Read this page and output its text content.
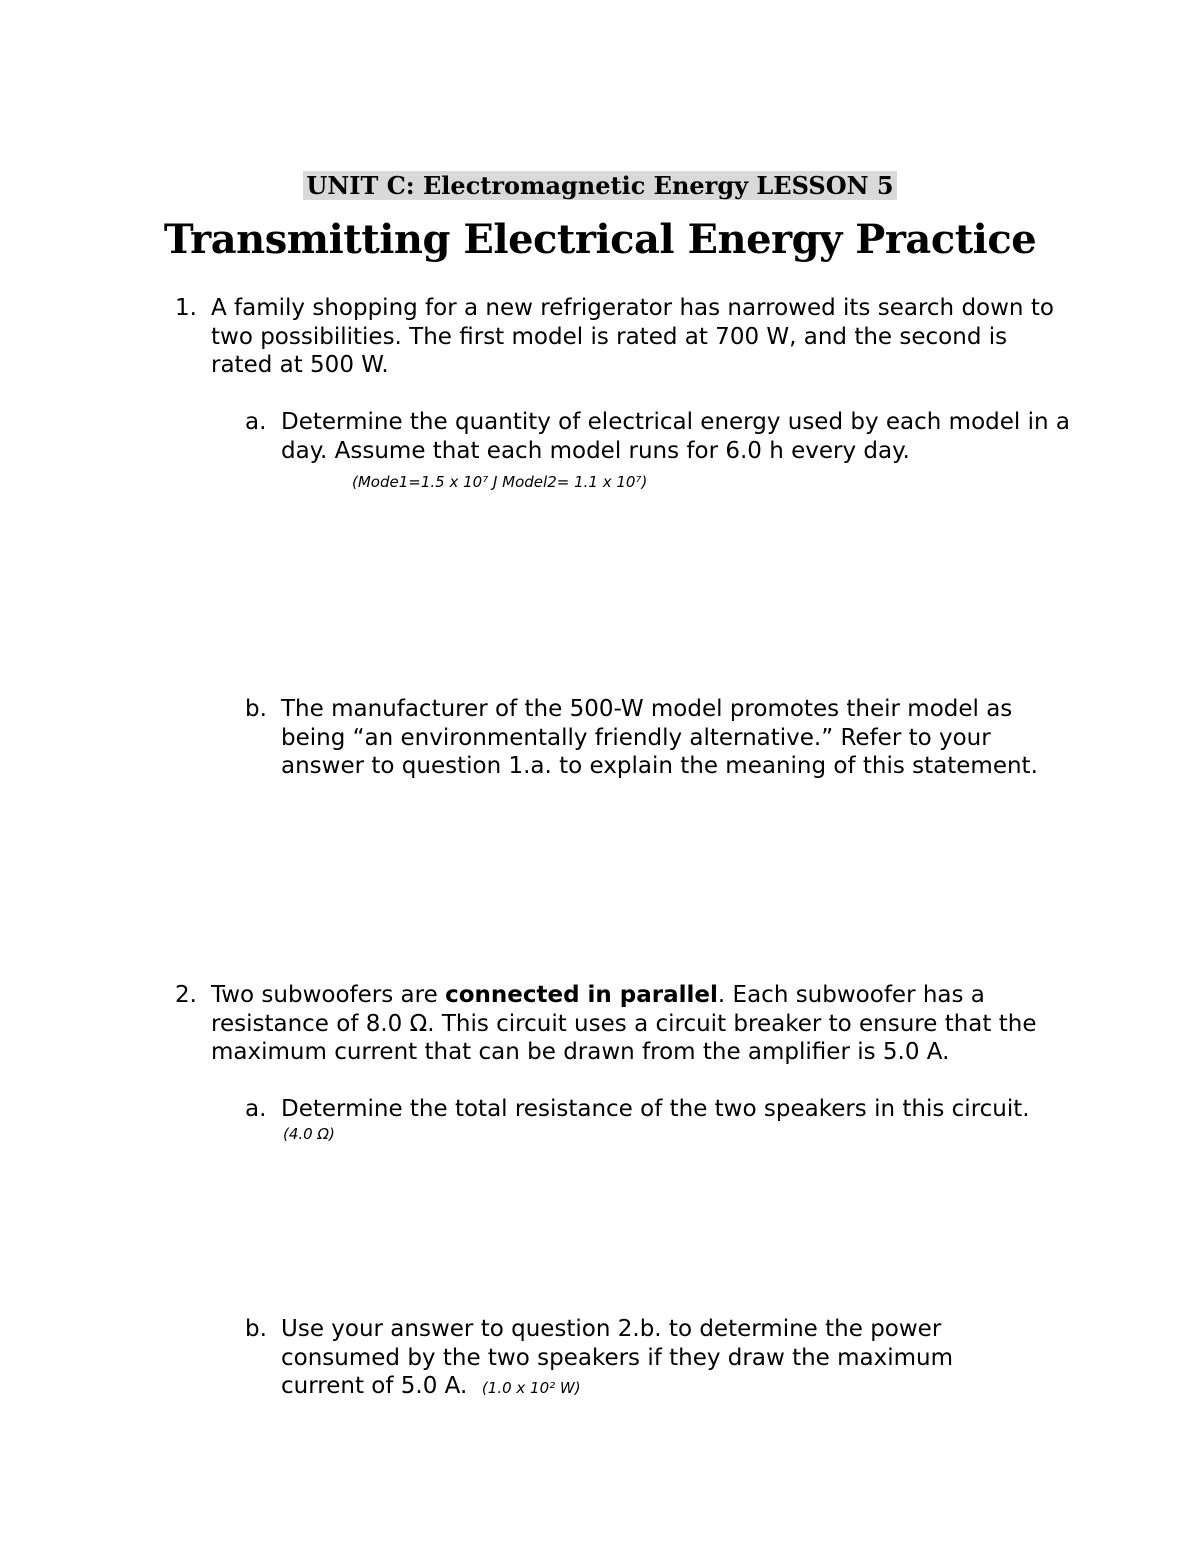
UNIT C: Electromagnetic Energy LESSON 5
Transmitting Electrical Energy Practice
1. A family shopping for a new refrigerator has narrowed its search down to two possibilities. The first model is rated at 700 W, and the second is rated at 500 W.
a. Determine the quantity of electrical energy used by each model in a day. Assume that each model runs for 6.0 h every day.
(Mode1=1.5 x 10⁷ J Model2= 1.1 x 10⁷)
b. The manufacturer of the 500-W model promotes their model as being “an environmentally friendly alternative.” Refer to your answer to question 1.a. to explain the meaning of this statement.
2. Two subwoofers are connected in parallel. Each subwoofer has a resistance of 8.0 Ω. This circuit uses a circuit breaker to ensure that the maximum current that can be drawn from the amplifier is 5.0 A.
a. Determine the total resistance of the two speakers in this circuit.
(4.0 Ω)
b. Use your answer to question 2.b. to determine the power consumed by the two speakers if they draw the maximum current of 5.0 A. (1.0 x 10² W)
